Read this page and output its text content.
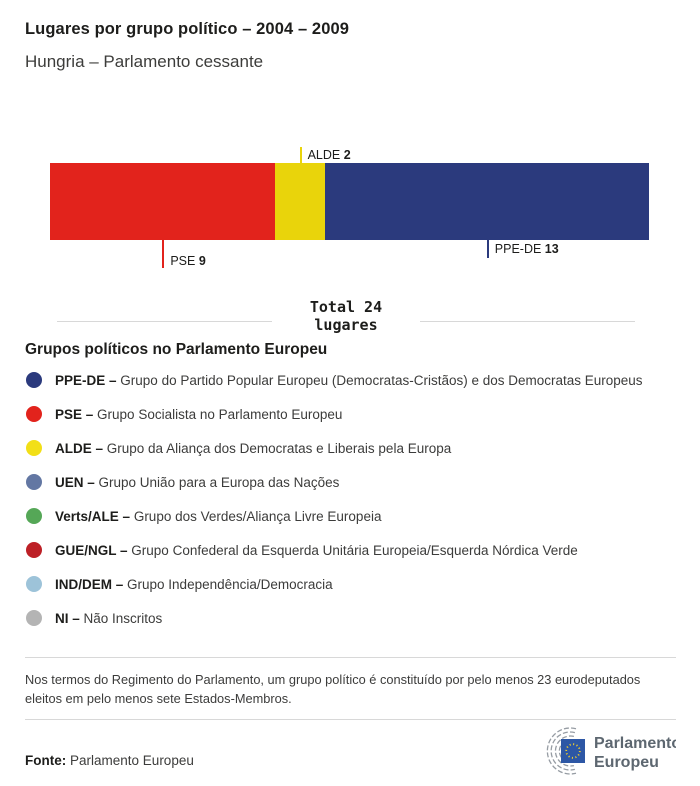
Lugares por grupo político – 2004 – 2009
Hungria – Parlamento cessante
PSE 9
ALDE 2
PPE-DE 13
Total 24
lugares
Grupos políticos no Parlamento Europeu
PPE-DE – Grupo do Partido Popular Europeu (Democratas-Cristãos) e dos Democratas Europeus
PSE – Grupo Socialista no Parlamento Europeu
ALDE – Grupo da Aliança dos Democratas e Liberais pela Europa
UEN – Grupo União para a Europa das Nações
Verts/ALE – Grupo dos Verdes/Aliança Livre Europeia
GUE/NGL – Grupo Confederal da Esquerda Unitária Europeia/Esquerda Nórdica Verde
IND/DEM – Grupo Independência/Democracia
NI – Não Inscritos
Nos termos do Regimento do Parlamento, um grupo político é constituído por pelo menos 23 eurodeputados eleitos em pelo menos sete Estados-Membros.
Fonte: Parlamento Europeu
Parlamento
Europeu
